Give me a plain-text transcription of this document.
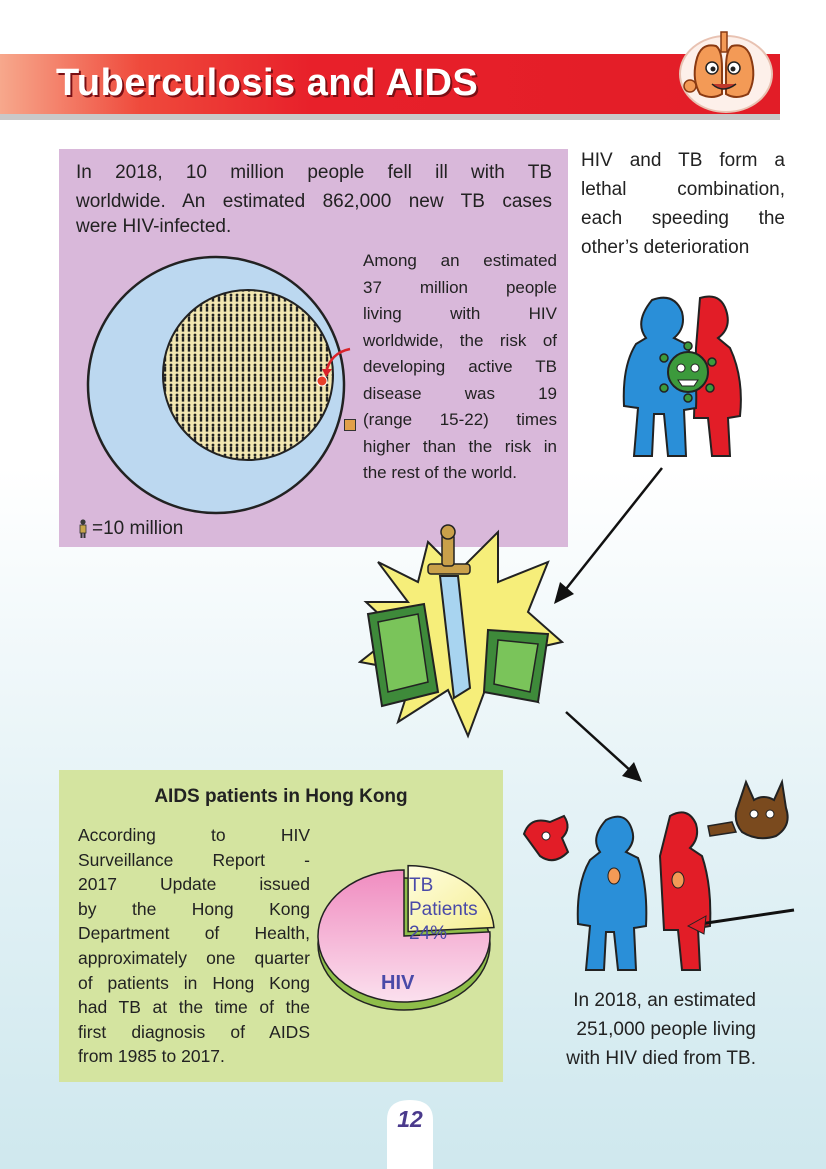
Tuberculosis and AIDS
In 2018, 10 million people fell ill with TB
worldwide. An estimated 862,000 new TB cases
were HIV-infected.
Among an estimated
37 million people
living with HIV
worldwide, the risk of
developing active TB
disease was 19
(range 15-22) times
higher than the risk in
the rest of the world.
=10 million
HIV and TB form a
lethal combination,
each speeding the
other’s deterioration
AIDS patients in Hong Kong
According to HIV
Surveillance Report -
2017 Update issued
by the Hong Kong
Department of Health,
approximately one quarter
of patients in Hong Kong
had TB at the time of the
first diagnosis of AIDS
from 1985 to 2017.
TB
Patients
24%
HIV
In 2018, an estimated
251,000 people living
with HIV died from TB.
12
